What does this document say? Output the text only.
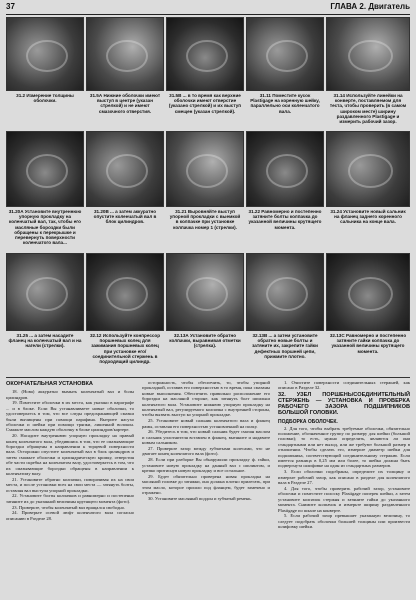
37	ГЛАВА 2. Двигатель
31.2 Измерение толщины оболочки.
31.5А Нижние оболочки имеют выступ в центре (указан стрелкой) и не имеют смазочного отверстия.
31.5В ... в то время как верхние оболочки имеют отверстие (указано стрелкой) и их выступ смещен (указан стрелкой).
31.11 Поместите кусок Plastigage на коренную шейку, параллельно оси коленчатого вала.
31.14 Используйте линейки на конверте, поставляемом для теста, чтобы проверить (в самом широком месте) ширину раздавленного Plastigage и измерить рабочий зазор.
31.20А Установите внутреннюю упорную прокладку на коленчатый вал, так, чтобы его масляные бороздки были обращены к перекрышке и перевернуть поверхности коленчатого вала...
31.20В ... а затем аккуратно опустите коленчатый вал в блок цилиндров.
31.21 Выровняйте выступ упорной прокладки с выемкой в колпачке при установке колпачка номер 1 (стрелки).
31.22 Равномерно и постепенно затяните болты колпачка до указанной величины крутящего момента.
31.24 Установите новый сальник на фланец заднего коренного сальника на конце вала.
31.25 ... а затем насадите фланец на коленчатый вал и на нагели (стрелки).
32.12 Используйте конпрессор поршневых колец для зажимания поршневых колец при установке его/соединительной стержень в подходящий цилиндр.
32.13А Установите обратно колпачки, выравнивая отметки (стрелка).
32.13В ... а затем установите обратно новые болты и затяните их, закрепите гайки дефектных поршней цепи, прижмите плотно.
32.13С Равномерно и постепенно затяните гайки колпачка до указанной величины крутящего момента.
ОКОНЧАТЕЛЬНАЯ УСТАНОВКА

18. (Нова) аккуратно вымыть коленчатый вал и болы цилиндров.

19. Поместите оболочки в их места, как указано в параграфе ... и в блоке. Если Вы устанавливаете новые оболочки, то удостоверьтесь в том, что все следы предохраняющей смазки были вычищены при помощи парафина. Вытрите насухо оболочки и шейки при помощи тряпки, лишенной волокон. Смажьте маслом каждую оболочку в блоке цилиндров/картере.

20. Насадите внутреннюю упорную прокладку на правый конец коленчатого вала, убедившись в том, что ее смазывающие бороздки обращены в направлении к торцевой поверхности вала. Осторожно опустите коленчатый вал в блок цилиндров и затем смажьте оболочки и цилиндрическую кромку, отверстия обе части скребка на коленчатом валу, удостоверьтесь в том, что их смазывающие бороздки обращены в направлении к коленчатому валу.

21. Установите обратно колпачки, поворачивая их на свои места, и после установки всех на свои места — затянуть болты, оставляя вал выступа упорной прокладки.

22. Установите болты колпачков и равномерно и постепенно затяните их до указанной величины крутящего момента (фото).

23. Проверьте, чтобы коленчатый вал вращался свободно.

24. Проверьте осевой люфт коленчатого вала согласно описанию в Разделе 28.

осторожность, чтобы обеспечить, то, чтобы упорной прокладкой, оставив его поверхностью в то время, пока смазаны новые выполнения. Обеспечить правильно расположение его бороздки на масляной стороне, как затянуть болт шпильки коленчатого вала. Установите нижнюю упорную прокладку на коленчатый вал, регулируемого колпачка с внутренней стороны, чтобы вызвать выступ ко упорной прокладке.

25. Установите новый сальник коленчатого вала и фланец рамы, оставляя его поверхностью установленной на полку.

26. Убедитесь в том, что новый сальник будет смазан маслом и сальник уплотнителя вставлен в фланец, вытяните и надавите новым сальником.

27. Проверьте зазор между зубчатыми колесами, что не двигает конец коленчатого вала (фото).

28. Если при разборке Вы обнаружили прокладку ф. гайки, установите новую прокладку на данный вал с шплинтом, и крепко притиснув новую прокладку и все остальное.

29. Будет обязательно проверена новая прокладка на масляной головке до затяжки, она должна плотно прилегать, при этом масло, которое прошло под фланцем, будет замечено и отражено.

30. Установите масляный поддон и зубчатый ремень.

1. Очистите поверхности соединительных стержней, как описано в Разделе 32.

32. УЗЕЛ ПОРШЕНЬ/СОЕДИНИТЕЛЬНЫЙ СТЕРЖЕНЬ — УСТАНОВКА И ПРОВЕРКА РАБОЧЕГО ЗАЗОРА ПОДШИПНИКОВ БОЛЬШОЙ ГОЛОВКИ.
ПОДБОРКА ОБОЛОЧЕК.

2. Для того, чтобы выбрать требуемые оболочки, обязательно положение, обозначенное группу по размеру для шейки (большой головки); то есть, нужно определить, являются ли они стандартными или нет выход, или же требуют большой размер в отношении. Чтобы сделать это, измерьте диаметр шейки для подшипника, соответствующий соединительному стержню. Если имеется разница в 0,25 мм или более, то шейка должна быть подвергнута шлифовке на один из стандартных размеров.

3. Если оболочки подобраны, определите их толщину и измерьте рабочий зазор, как описано в разделе для коленчатого вала в Разделе 27.

4. Для того, чтобы проверить рабочий зазор, установите оболочки и поместите полоску Plastigage поперек шейки, а затем установите колпачок стержня и затяните гайки до указанного момента. Снимите колпачок и измерьте ширину раздавленного Plastigage по шкале на конверте.

5. Если рабочий зазор превышает указанную величину, то следует подобрать оболочки большей толщины или произвести шлифовку шейки.
